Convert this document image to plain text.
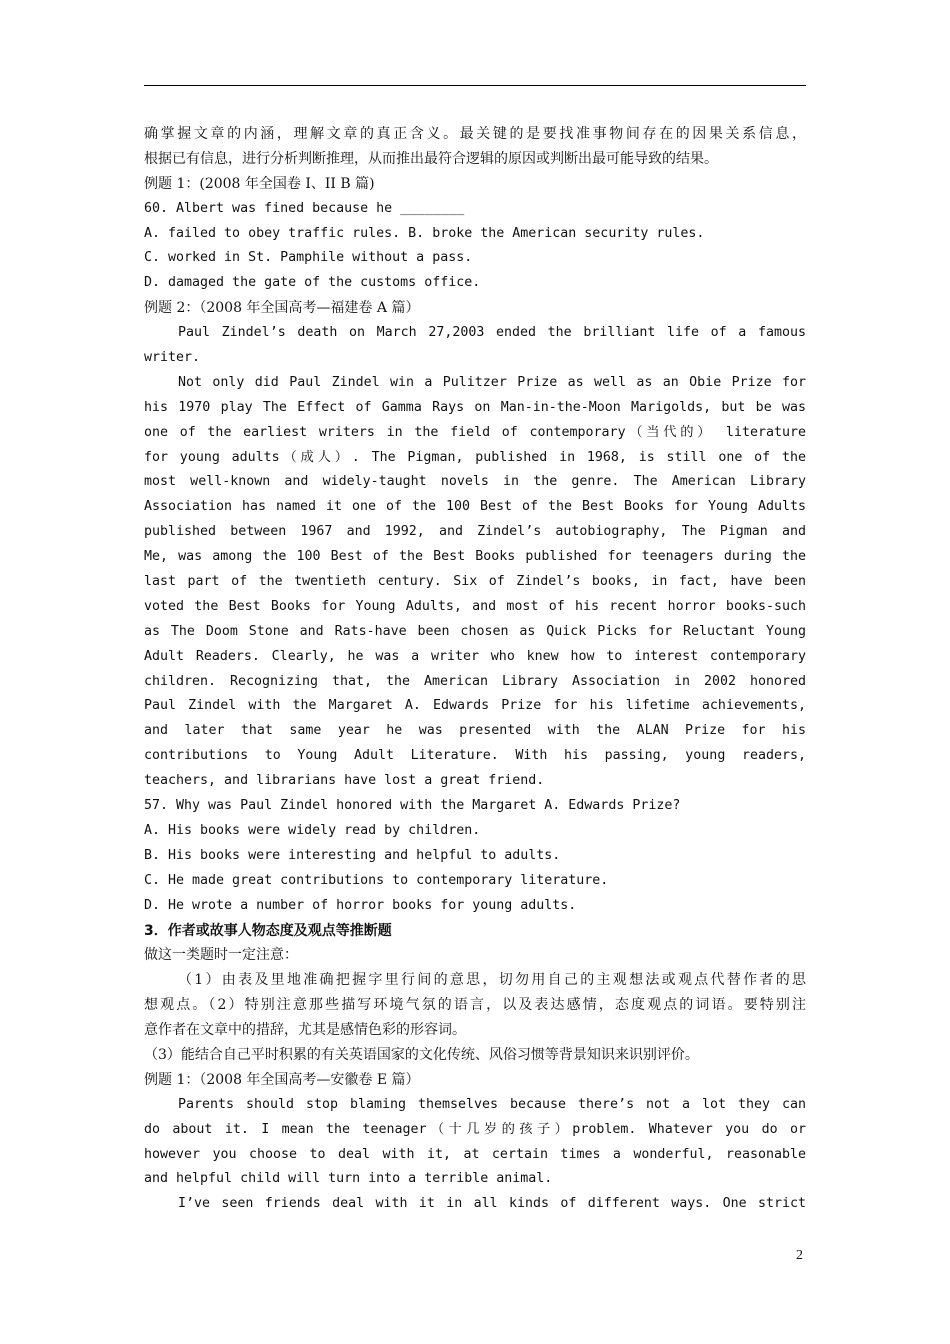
确掌握文章的内涵，理解文章的真正含义。最关键的是要找准事物间存在的因果关系信息，
根据已有信息，进行分析判断推理，从而推出最符合逻辑的原因或判断出最可能导致的结果。
例题 1：(2008 年全国卷 I、II B 篇)
60. Albert was fined because he ________
A. failed to obey traffic rules. B. broke the American security rules.
C. worked in St. Pamphile without a pass.
D. damaged the gate of the customs office.
例题 2：（2008 年全国高考—福建卷 A 篇）
Paul Zindel’s death on March 27,2003 ended the brilliant life of a famous
writer.
Not only did Paul Zindel win a Pulitzer Prize as well as an Obie Prize for
his 1970 play The Effect of Gamma Rays on Man-in-the-Moon Marigolds, but be was
one of the earliest writers in the field of contemporary（当代的） literature
for young adults（成人）. The Pigman, published in 1968, is still one of the
most well-known and widely-taught novels in the genre. The American Library
Association has named it one of the 100 Best of the Best Books for Young Adults
published between 1967 and 1992, and Zindel’s autobiography, The Pigman and
Me, was among the 100 Best of the Best Books published for teenagers during the
last part of the twentieth century. Six of Zindel’s books, in fact, have been
voted the Best Books for Young Adults, and most of his recent horror books-such
as The Doom Stone and Rats-have been chosen as Quick Picks for Reluctant Young
Adult Readers. Clearly, he was a writer who knew how to interest contemporary
children. Recognizing that, the American Library Association in 2002 honored
Paul Zindel with the Margaret A. Edwards Prize for his lifetime achievements,
and later that same year he was presented with the ALAN Prize for his
contributions to Young Adult Literature. With his passing, young readers,
teachers, and librarians have lost a great friend.
57. Why was Paul Zindel honored with the Margaret A. Edwards Prize?
A. His books were widely read by children.
B. His books were interesting and helpful to adults.
C. He made great contributions to contemporary literature.
D. He wrote a number of horror books for young adults.
3．作者或故事人物态度及观点等推断题
做这一类题时一定注意：
（1）由表及里地准确把握字里行间的意思，切勿用自己的主观想法或观点代替作者的思
想观点。（2）特别注意那些描写环境气氛的语言，以及表达感情，态度观点的词语。要特别注
意作者在文章中的措辞，尤其是感情色彩的形容词。
（3）能结合自己平时积累的有关英语国家的文化传统、风俗习惯等背景知识来识别评价。
例题 1：（2008 年全国高考—安徽卷 E 篇）
Parents should stop blaming themselves because there’s not a lot they can
do about it. I mean the teenager（十几岁的孩子）problem. Whatever you do or
however you choose to deal with it, at certain times a wonderful, reasonable
and helpful child will turn into a terrible animal.
I’ve seen friends deal with it in all kinds of different ways. One strict
2
